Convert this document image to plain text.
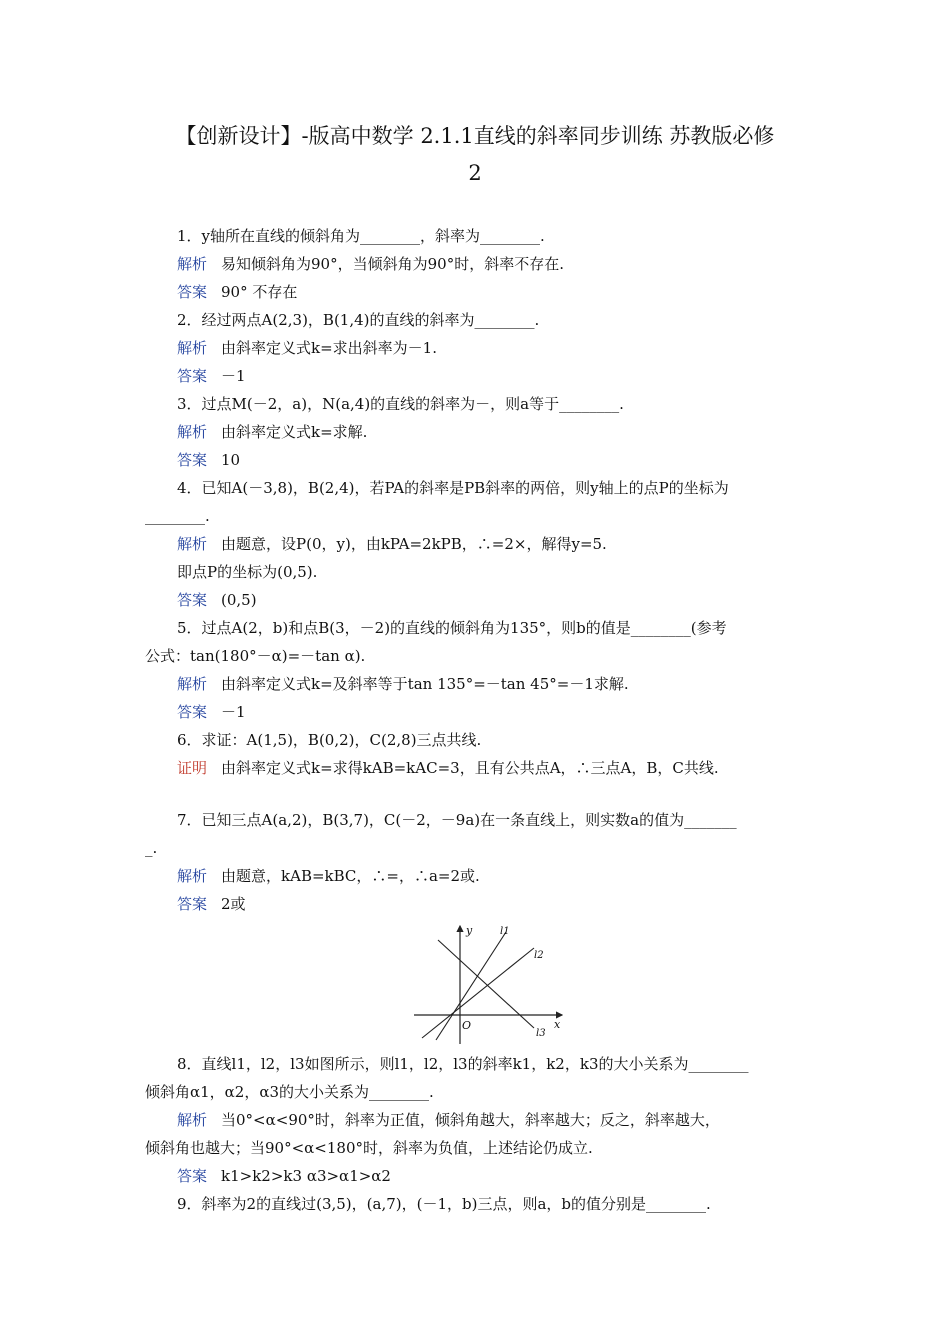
【创新设计】-版高中数学 2.1.1直线的斜率同步训练 苏教版必修
2
1．y轴所在直线的倾斜角为________，斜率为________.
解析 易知倾斜角为90°，当倾斜角为90°时，斜率不存在.
答案 90° 不存在
2．经过两点A(2,3)，B(1,4)的直线的斜率为________.
解析 由斜率定义式k=求出斜率为－1.
答案 －1
3．过点M(－2，a)，N(a,4)的直线的斜率为－，则a等于________.
解析 由斜率定义式k=求解.
答案 10
4．已知A(－3,8)，B(2,4)，若PA的斜率是PB斜率的两倍，则y轴上的点P的坐标为
________.
解析 由题意，设P(0，y)，由kPA=2kPB，∴=2×，解得y=5.
即点P的坐标为(0,5).
答案 (0,5)
5．过点A(2，b)和点B(3，－2)的直线的倾斜角为135°，则b的值是________(参考
公式：tan(180°－α)=－tan α).
解析 由斜率定义式k=及斜率等于tan 135°=－tan 45°=－1求解.
答案 －1
6．求证：A(1,5)，B(0,2)，C(2,8)三点共线.
证明 由斜率定义式k=求得kAB=kAC=3，且有公共点A，∴三点A，B，C共线.
7．已知三点A(a,2)，B(3,7)，C(－2，－9a)在一条直线上，则实数a的值为_______
_.
解析 由题意，kAB=kBC，∴=，∴a=2或.
答案 2或
8．直线l1，l2，l3如图所示，则l1，l2，l3的斜率k1，k2，k3的大小关系为________
倾斜角α1，α2，α3的大小关系为________.
解析 当0°<α<90°时，斜率为正值，倾斜角越大，斜率越大；反之，斜率越大，
倾斜角也越大；当90°<α<180°时，斜率为负值，上述结论仍成立.
答案 k1>k2>k3 α3>α1>α2
9．斜率为2的直线过(3,5)，(a,7)，(－1，b)三点，则a，b的值分别是________.
y
x
O
l1
l2
l3
